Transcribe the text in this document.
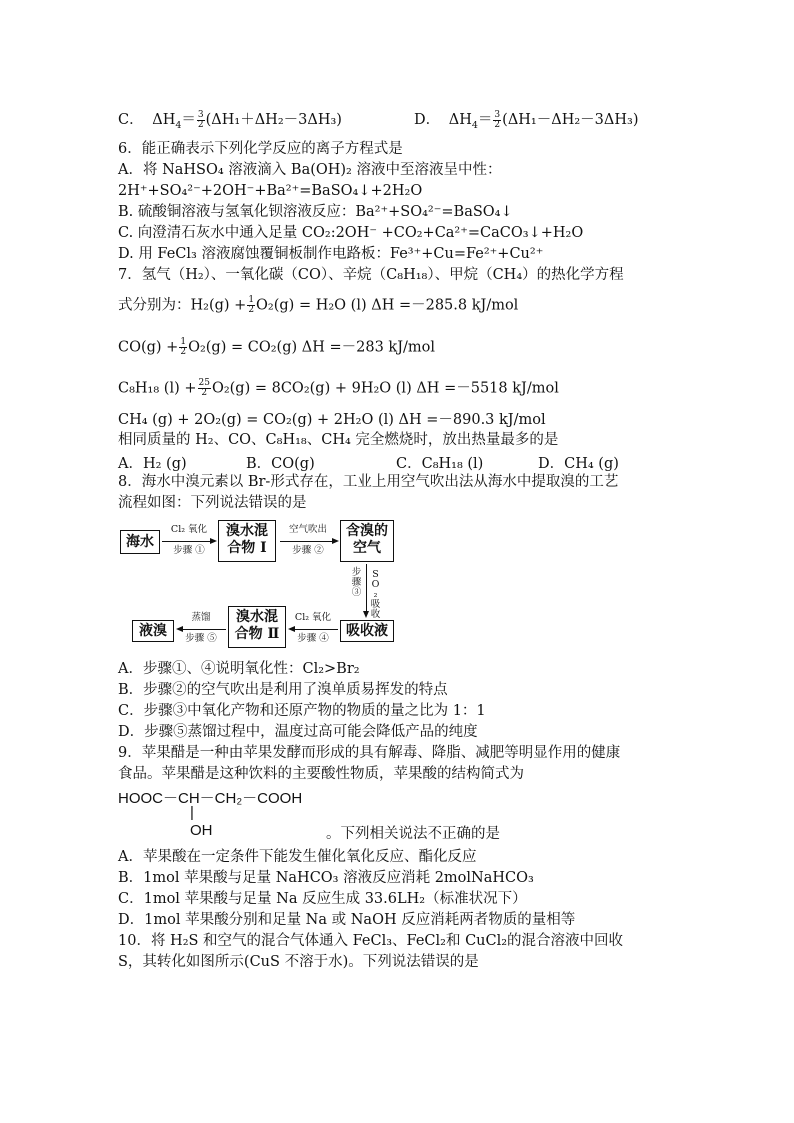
C． $\Delta H_4= \frac{3}{2} (\Delta H_1+\Delta H_2-3\Delta H_3)$	D． $\Delta H_4= \frac{3}{2} (\Delta H_1-\Delta H_2-3\Delta H_3)$
6．能正确表示下列化学反应的离子方程式是
A．将 NaHSO₄ 溶液滴入 Ba(OH)₂ 溶液中至溶液呈中性：
2H⁺+SO₄²⁻+2OH⁻+Ba²⁺=BaSO₄↓+2H₂O
B. 硫酸铜溶液与氢氧化钡溶液反应：Ba²⁺+SO₄²⁻=BaSO₄↓
C. 向澄清石灰水中通入足量 CO₂:2OH⁻ +CO₂+Ca²⁺=CaCO₃↓+H₂O
D. 用 FeCl₃ 溶液腐蚀覆铜板制作电路板：Fe³⁺+Cu=Fe²⁺+Cu²⁺
7．氢气（H₂）、一氧化碳（CO）、辛烷（C₈H₁₈）、甲烷（CH₄）的热化学方程
式分别为：$H_2(g) + \frac{1}{2} O_2(g) = H_2O$ (l) ΔH =－285.8 kJ/mol
$CO(g) + \frac{1}{2} O_2(g) = CO_2(g)$ ΔH =－283 kJ/mol
C₈H₁₈ $(l) + \frac{25}{2} O_2(g) = 8CO_2(g) + 9H_2O$ (l) ΔH =－5518 kJ/mol
CH₄ (g) + 2O₂(g) = CO₂(g) + 2H₂O (l) ΔH =－890.3 kJ/mol
相同质量的 H₂、CO、C₈H₁₈、CH₄ 完全燃烧时，放出热量最多的是
A．H₂ (g)	B．CO(g)	C．C₈H₁₈ (l)	D．CH₄ (g)
8．海水中溴元素以 Br-形式存在，工业上用空气吹出法从海水中提取溴的工艺
流程如图：下列说法错误的是
海水
溴水混
合物 Ⅰ
含溴的
空气
Cl₂ 氧化
步骤 ①
空气吹出
步骤 ②
步骤③
SO₂吸收
吸收液
溴水混
合物 Ⅱ
液溴
Cl₂ 氧化
步骤 ④
蒸馏
步骤 ⑤
A．步骤①、④说明氧化性：Cl₂>Br₂
B．步骤②的空气吹出是利用了溴单质易挥发的特点
C．步骤③中氧化产物和还原产物的物质的量之比为 1：1
D．步骤⑤蒸馏过程中，温度过高可能会降低产品的纯度
9．苹果醋是一种由苹果发酵而形成的具有解毒、降脂、减肥等明显作用的健康
食品。苹果醋是这种饮料的主要酸性物质，苹果酸的结构简式为
HOOC－CH－CH₂－COOH
|
OH	。下列相关说法不正确的是
A．苹果酸在一定条件下能发生催化氧化反应、酯化反应
B．1mol 苹果酸与足量 NaHCO₃ 溶液反应消耗 2molNaHCO₃
C．1mol 苹果酸与足量 Na 反应生成 33.6LH₂（标准状况下）
D．1mol 苹果酸分别和足量 Na 或 NaOH 反应消耗两者物质的量相等
10．将 H₂S 和空气的混合气体通入 FeCl₃、FeCl₂和 CuCl₂的混合溶液中回收
S，其转化如图所示(CuS 不溶于水)。下列说法错误的是
